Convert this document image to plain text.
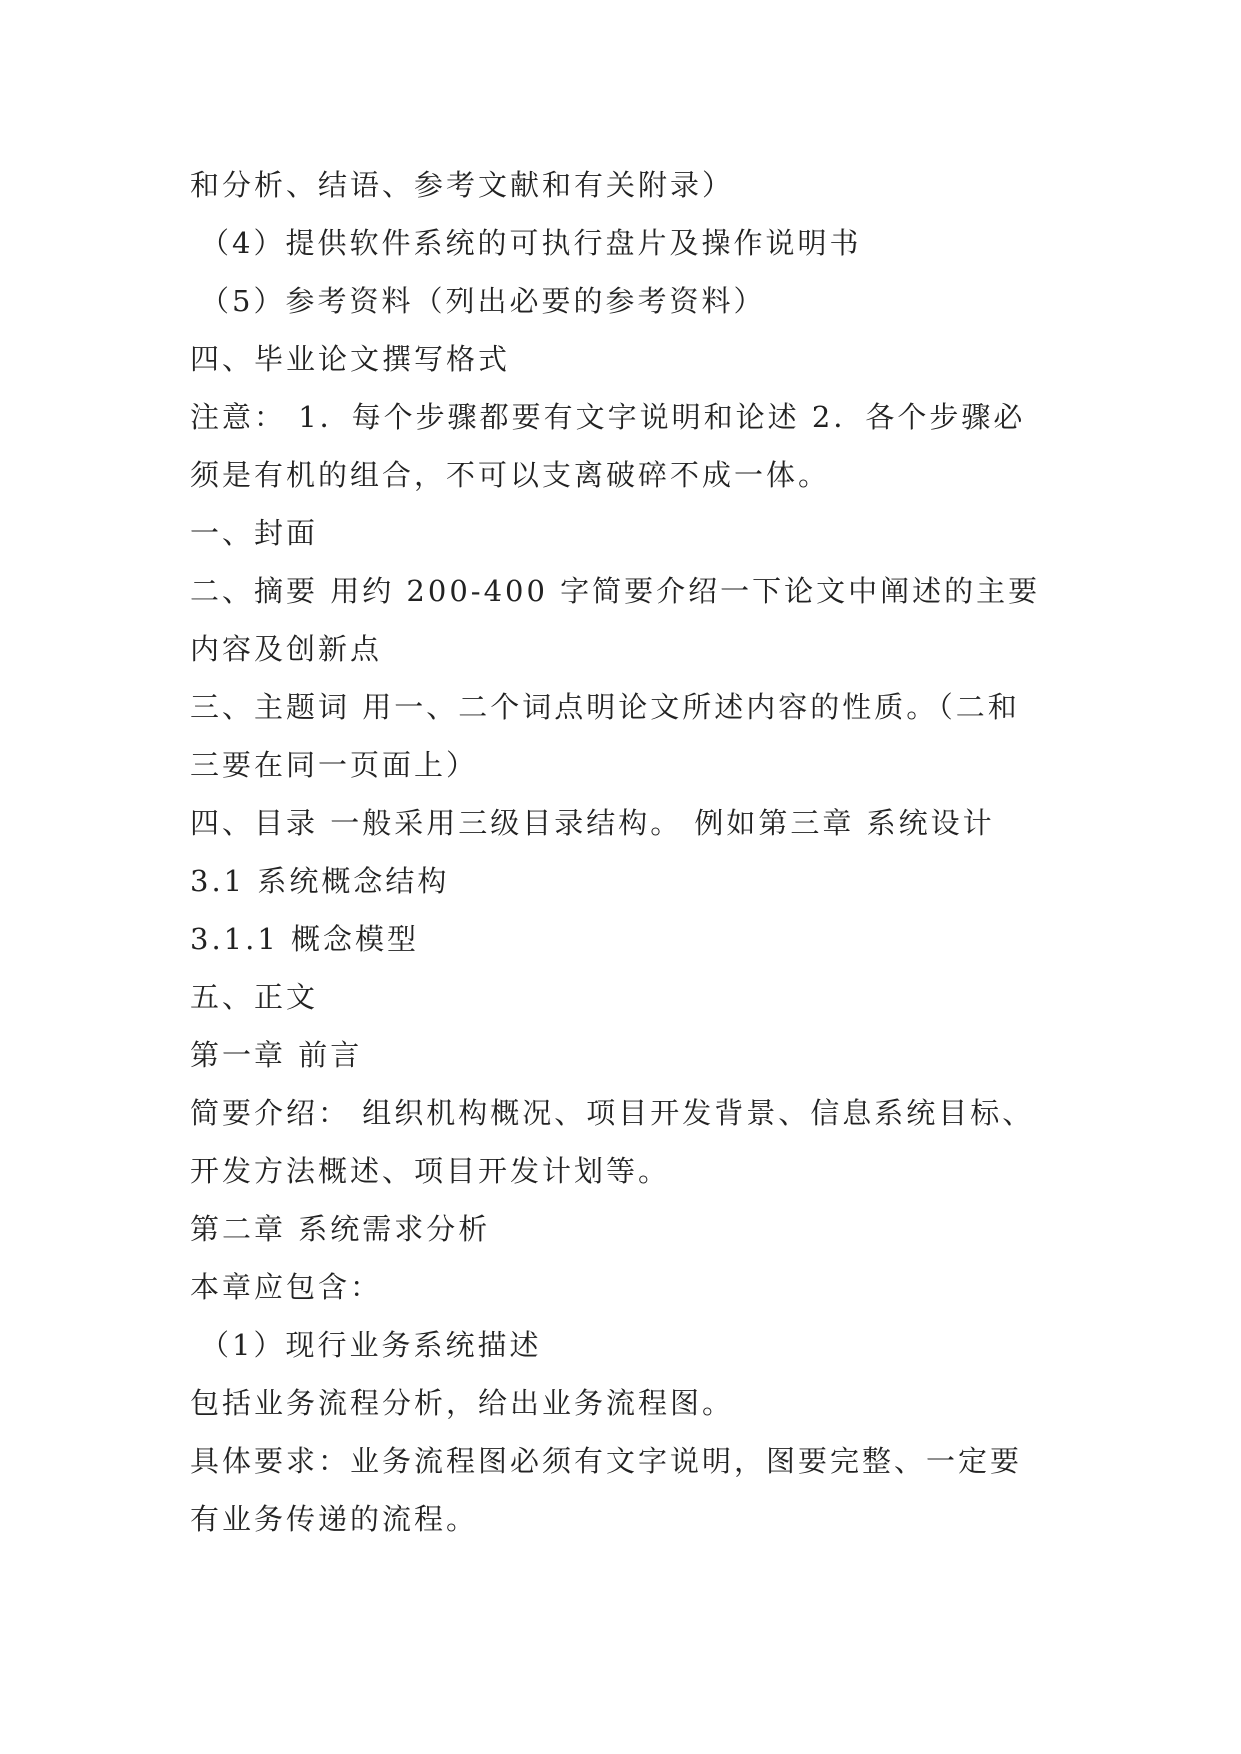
和分析、结语、参考文献和有关附录）
（4）提供软件系统的可执行盘片及操作说明书
（5）参考资料（列出必要的参考资料）
四、毕业论文撰写格式
注意： 1．每个步骤都要有文字说明和论述 2．各个步骤必
须是有机的组合，不可以支离破碎不成一体。
一、封面
二、摘要 用约 200-400 字简要介绍一下论文中阐述的主要
内容及创新点
三、主题词 用一、二个词点明论文所述内容的性质。（二和
三要在同一页面上）
四、目录 一般采用三级目录结构。 例如第三章 系统设计
3.1 系统概念结构
3.1.1 概念模型
五、正文
第一章 前言
简要介绍： 组织机构概况、项目开发背景、信息系统目标、
开发方法概述、项目开发计划等。
第二章 系统需求分析
本章应包含：
（1）现行业务系统描述
包括业务流程分析，给出业务流程图。
具体要求：业务流程图必须有文字说明，图要完整、一定要
有业务传递的流程。
